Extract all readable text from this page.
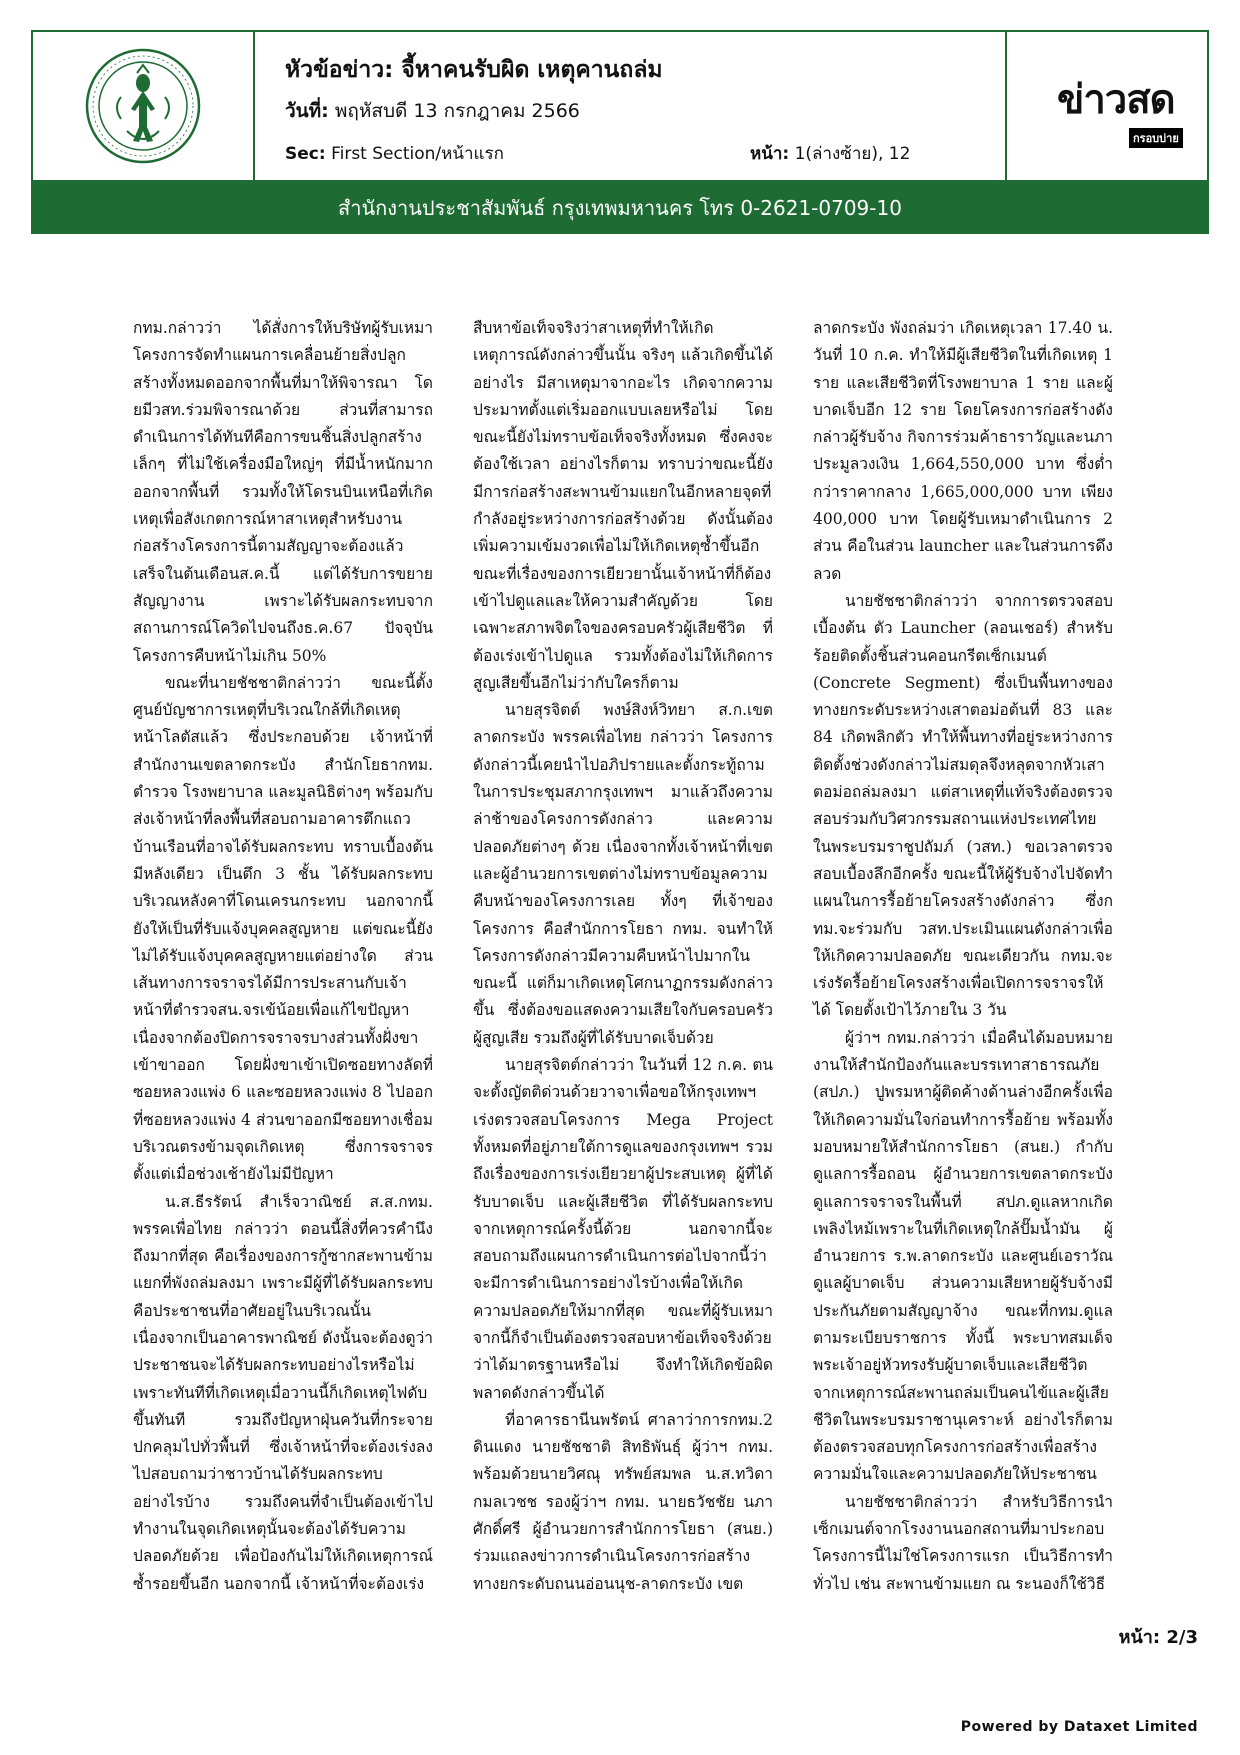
หัวข้อข่าว: จี้หาคนรับผิด เหตุคานถล่ม
วันที่: พฤหัสบดี 13 กรกฎาคม 2566
Sec: First Section/หน้าแรก	หน้า: 1(ล่างซ้าย), 12
ข่าวสด
กรอบบ่าย
สำนักงานประชาสัมพันธ์ กรุงเทพมหานคร โทร 0-2621-0709-10

กทม.กล่าวว่า ได้สั่งการให้บริษัทผู้รับเหมาโครงการจัดทำแผนการเคลื่อนย้ายสิ่งปลูกสร้างทั้งหมดออกจากพื้นที่มาให้พิจารณา โดยมีวสท.ร่วมพิจารณาด้วย ส่วนที่สามารถดำเนินการได้ทันทีคือการขนชิ้นสิ่งปลูกสร้างเล็กๆ ที่ไม่ใช้เครื่องมือใหญ่ๆ ที่มีน้ำหนักมากออกจากพื้นที่ รวมทั้งให้โดรนบินเหนือที่เกิดเหตุเพื่อสังเกตการณ์หาสาเหตุสำหรับงานก่อสร้างโครงการนี้ตามสัญญาจะต้องแล้วเสร็จในต้นเดือนส.ค.นี้ แต่ได้รับการขยายสัญญางาน เพราะได้รับผลกระทบจากสถานการณ์โควิดไปจนถึงธ.ค.67 ปัจจุบันโครงการคืบหน้าไม่เกิน 50%

ขณะที่นายชัชชาติกล่าวว่า ขณะนี้ตั้งศูนย์บัญชาการเหตุที่บริเวณใกล้ที่เกิดเหตุ หน้าโลตัสแล้ว ซึ่งประกอบด้วย เจ้าหน้าที่สำนักงานเขตลาดกระบัง สำนักโยธากทม. ตำรวจ โรงพยาบาล และมูลนิธิต่างๆ พร้อมกับส่งเจ้าหน้าที่ลงพื้นที่สอบถามอาคารตึกแถวบ้านเรือนที่อาจได้รับผลกระทบ ทราบเบื้องต้นมีหลังเดียว เป็นตึก 3 ชั้น ได้รับผลกระทบบริเวณหลังคาที่โดนเครนกระทบ นอกจากนี้ยังให้เป็นที่รับแจ้งบุคคลสูญหาย แต่ขณะนี้ยังไม่ได้รับแจ้งบุคคลสูญหายแต่อย่างใด ส่วนเส้นทางการจราจรได้มีการประสานกับเจ้าหน้าที่ตำรวจสน.จรเข้น้อยเพื่อแก้ไขปัญหา เนื่องจากต้องปิดการจราจรบางส่วนทั้งฝั่งขาเข้าขาออก โดยฝั่งขาเข้าเปิดซอยทางลัดที่ซอยหลวงแพ่ง 6 และซอยหลวงแพ่ง 8 ไปออกที่ซอยหลวงแพ่ง 4 ส่วนขาออกมีซอยทางเชื่อมบริเวณตรงข้ามจุดเกิดเหตุ ซึ่งการจราจรตั้งแต่เมื่อช่วงเช้ายังไม่มีปัญหา

น.ส.ธีรรัตน์ สำเร็จวาณิชย์ ส.ส.กทม. พรรคเพื่อไทย กล่าวว่า ตอนนี้สิ่งที่ควรคำนึงถึงมากที่สุด คือเรื่องของการกู้ซากสะพานข้ามแยกที่พังถล่มลงมา เพราะมีผู้ที่ได้รับผลกระทบคือประชาชนที่อาศัยอยู่ในบริเวณนั้น เนื่องจากเป็นอาคารพาณิชย์ ดังนั้นจะต้องดูว่าประชาชนจะได้รับผลกระทบอย่างไรหรือไม่ เพราะทันทีที่เกิดเหตุเมื่อวานนี้ก็เกิดเหตุไฟดับขึ้นทันที รวมถึงปัญหาฝุ่นควันที่กระจายปกคลุมไปทั่วพื้นที่ ซึ่งเจ้าหน้าที่จะต้องเร่งลงไปสอบถามว่าชาวบ้านได้รับผลกระทบอย่างไรบ้าง รวมถึงคนที่จำเป็นต้องเข้าไปทำงานในจุดเกิดเหตุนั้นจะต้องได้รับความปลอดภัยด้วย เพื่อป้องกันไม่ให้เกิดเหตุการณ์ซ้ำรอยขึ้นอีก นอกจากนี้ เจ้าหน้าที่จะต้องเร่ง

สืบหาข้อเท็จจริงว่าสาเหตุที่ทำให้เกิดเหตุการณ์ดังกล่าวขึ้นนั้น จริงๆ แล้วเกิดขึ้นได้อย่างไร มีสาเหตุมาจากอะไร เกิดจากความประมาทตั้งแต่เริ่มออกแบบเลยหรือไม่ โดยขณะนี้ยังไม่ทราบข้อเท็จจริงทั้งหมด ซึ่งคงจะต้องใช้เวลา อย่างไรก็ตาม ทราบว่าขณะนี้ยังมีการก่อสร้างสะพานข้ามแยกในอีกหลายจุดที่กำลังอยู่ระหว่างการก่อสร้างด้วย ดังนั้นต้องเพิ่มความเข้มงวดเพื่อไม่ให้เกิดเหตุซ้ำขึ้นอีก ขณะที่เรื่องของการเยียวยานั้นเจ้าหน้าที่ก็ต้องเข้าไปดูแลและให้ความสำคัญด้วย โดยเฉพาะสภาพจิตใจของครอบครัวผู้เสียชีวิต ที่ต้องเร่งเข้าไปดูแล รวมทั้งต้องไม่ให้เกิดการสูญเสียขึ้นอีกไม่ว่ากับใครก็ตาม

นายสุรจิตต์ พงษ์สิงห์วิทยา ส.ก.เขตลาดกระบัง พรรคเพื่อไทย กล่าวว่า โครงการดังกล่าวนี้เคยนำไปอภิปรายและตั้งกระทู้ถามในการประชุมสภากรุงเทพฯ มาแล้วถึงความล่าช้าของโครงการดังกล่าว และความปลอดภัยต่างๆ ด้วย เนื่องจากทั้งเจ้าหน้าที่เขตและผู้อำนวยการเขตต่างไม่ทราบข้อมูลความคืบหน้าของโครงการเลย ทั้งๆ ที่เจ้าของโครงการ คือสำนักการโยธา กทม. จนทำให้โครงการดังกล่าวมีความคืบหน้าไปมากในขณะนี้ แต่ก็มาเกิดเหตุโศกนาฏกรรมดังกล่าวขึ้น ซึ่งต้องขอแสดงความเสียใจกับครอบครัวผู้สูญเสีย รวมถึงผู้ที่ได้รับบาดเจ็บด้วย

นายสุรจิตต์กล่าวว่า ในวันที่ 12 ก.ค. ตนจะตั้งญัตติด่วนด้วยวาจาเพื่อขอให้กรุงเทพฯเร่งตรวจสอบโครงการ Mega Project ทั้งหมดที่อยู่ภายใต้การดูแลของกรุงเทพฯ รวมถึงเรื่องของการเร่งเยียวยาผู้ประสบเหตุ ผู้ที่ได้รับบาดเจ็บ และผู้เสียชีวิต ที่ได้รับผลกระทบจากเหตุการณ์ครั้งนี้ด้วย นอกจากนี้จะสอบถามถึงแผนการดำเนินการต่อไปจากนี้ว่าจะมีการดำเนินการอย่างไรบ้างเพื่อให้เกิดความปลอดภัยให้มากที่สุด ขณะที่ผู้รับเหมาจากนี้ก็จำเป็นต้องตรวจสอบหาข้อเท็จจริงด้วยว่าได้มาตรฐานหรือไม่ จึงทำให้เกิดข้อผิดพลาดดังกล่าวขึ้นได้

ที่อาคารธานีนพรัตน์ ศาลาว่าการกทม.2 ดินแดง นายชัชชาติ สิทธิพันธุ์ ผู้ว่าฯ กทม. พร้อมด้วยนายวิศณุ ทรัพย์สมพล น.ส.ทวิดา กมลเวชช รองผู้ว่าฯ กทม. นายธวัชชัย นภาศักดิ์ศรี ผู้อำนวยการสำนักการโยธา (สนย.) ร่วมแถลงข่าวการดำเนินโครงการก่อสร้างทางยกระดับถนนอ่อนนุช-ลาดกระบัง เขต

ลาดกระบัง พังถล่มว่า เกิดเหตุเวลา 17.40 น. วันที่ 10 ก.ค. ทำให้มีผู้เสียชีวิตในที่เกิดเหตุ 1 ราย และเสียชีวิตที่โรงพยาบาล 1 ราย และผู้บาดเจ็บอีก 12 ราย โดยโครงการก่อสร้างดังกล่าวผู้รับจ้าง กิจการร่วมค้าธาราวัญและนภา ประมูลวงเงิน 1,664,550,000 บาท ซึ่งต่ำกว่าราคากลาง 1,665,000,000 บาท เพียง 400,000 บาท โดยผู้รับเหมาดำเนินการ 2 ส่วน คือในส่วน launcher และในส่วนการดึงลวด

นายชัชชาติกล่าวว่า จากการตรวจสอบเบื้องต้น ตัว Launcher (ลอนเชอร์) สำหรับร้อยติดตั้งชิ้นส่วนคอนกรีตเซ็กเมนต์ (Concrete Segment) ซึ่งเป็นพื้นทางของทางยกระดับระหว่างเสาตอม่อต้นที่ 83 และ 84 เกิดพลิกตัว ทำให้พื้นทางที่อยู่ระหว่างการติดตั้งช่วงดังกล่าวไม่สมดุลจึงหลุดจากหัวเสาตอม่อถล่มลงมา แต่สาเหตุที่แท้จริงต้องตรวจสอบร่วมกับวิศวกรรมสถานแห่งประเทศไทยในพระบรมราชูปถัมภ์ (วสท.) ขอเวลาตรวจสอบเบื้องลึกอีกครั้ง ขณะนี้ให้ผู้รับจ้างไปจัดทำแผนในการรื้อย้ายโครงสร้างดังกล่าว ซึ่งกทม.จะร่วมกับ วสท.ประเมินแผนดังกล่าวเพื่อให้เกิดความปลอดภัย ขณะเดียวกัน กทม.จะเร่งรัดรื้อย้ายโครงสร้างเพื่อเปิดการจราจรให้ได้ โดยตั้งเป้าไว้ภายใน 3 วัน

ผู้ว่าฯ กทม.กล่าวว่า เมื่อคืนได้มอบหมายงานให้สำนักป้องกันและบรรเทาสาธารณภัย (สปภ.) ปูพรมหาผู้ติดค้างด้านล่างอีกครั้งเพื่อให้เกิดความมั่นใจก่อนทำการรื้อย้าย พร้อมทั้งมอบหมายให้สำนักการโยธา (สนย.) กำกับดูแลการรื้อถอน ผู้อำนวยการเขตลาดกระบังดูแลการจราจรในพื้นที่ สปภ.ดูแลหากเกิดเพลิงไหม้เพราะในที่เกิดเหตุใกล้ปั๊มน้ำมัน ผู้อำนวยการ ร.พ.ลาดกระบัง และศูนย์เอราวัณดูแลผู้บาดเจ็บ ส่วนความเสียหายผู้รับจ้างมีประกันภัยตามสัญญาจ้าง ขณะที่กทม.ดูแลตามระเบียบราชการ ทั้งนี้ พระบาทสมเด็จพระเจ้าอยู่หัวทรงรับผู้บาดเจ็บและเสียชีวิตจากเหตุการณ์สะพานถล่มเป็นคนไข้และผู้เสียชีวิตในพระบรมราชานุเคราะห์ อย่างไรก็ตาม ต้องตรวจสอบทุกโครงการก่อสร้างเพื่อสร้างความมั่นใจและความปลอดภัยให้ประชาชน

นายชัชชาติกล่าวว่า สำหรับวิธีการนำเซ็กเมนต์จากโรงงานนอกสถานที่มาประกอบโครงการนี้ไม่ใช่โครงการแรก เป็นวิธีการทำทั่วไป เช่น สะพานข้ามแยก ณ ระนองก็ใช้วิธี

หน้า: 2/3
Powered by Dataxet Limited
